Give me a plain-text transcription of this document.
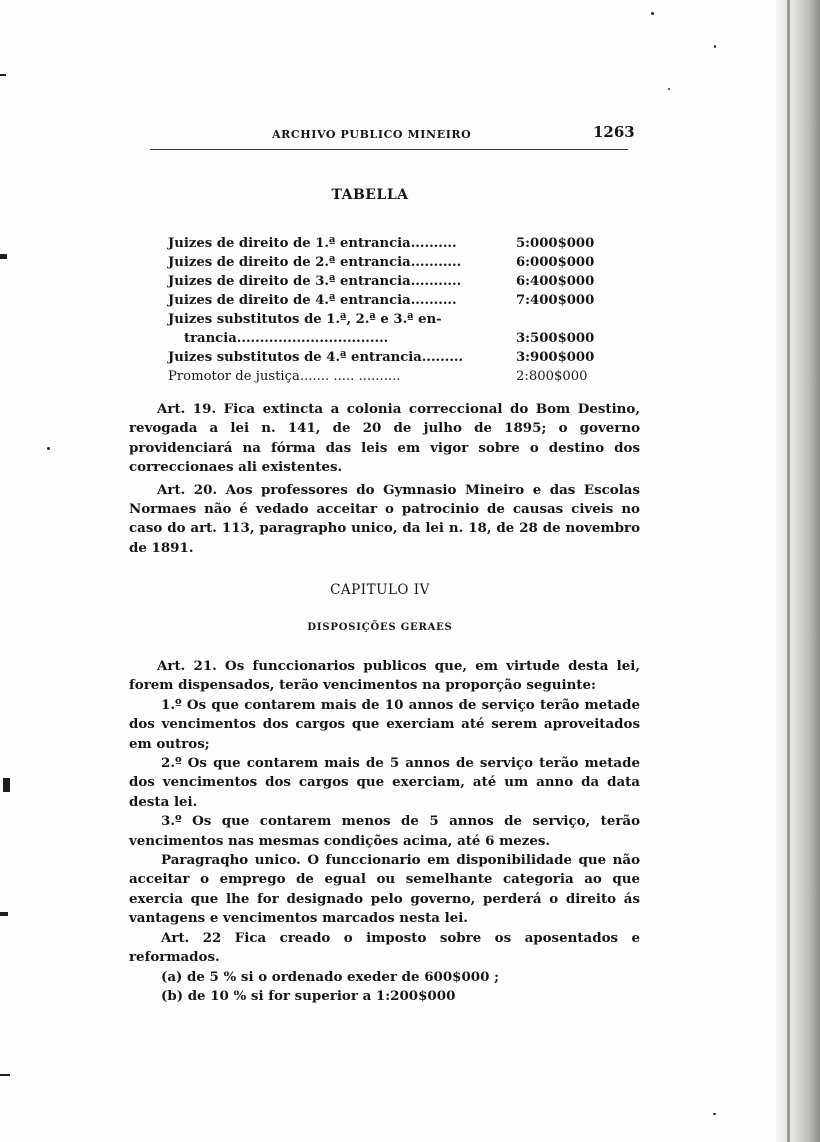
ARCHIVO PUBLICO MINEIRO	1263
TABELLA
Juizes de direito de 1.ª entrancia..........	5:000$000
Juizes de direito de 2.ª entrancia...........	6:000$000
Juizes de direito de 3.ª entrancia...........	6:400$000
Juizes de direito de 4.ª entrancia..........	7:400$000
Juizes substitutos de 1.ª, 2.ª e 3.ª en-
trancia.................................	3:500$000
Juizes substitutos de 4.ª entrancia.........	3:900$000
Promotor de justiça....... ..... ..........	2:800$000

Art. 19. Fica extincta a colonia correccional do Bom Destino, revogada a lei n. 141, de 20 de julho de 1895; o governo providenciará na fórma das leis em vigor sobre o destino dos correccionaes ali existentes.

Art. 20. Aos professores do Gymnasio Mineiro e das Escolas Normaes não é vedado acceitar o patrocinio de causas civeis no caso do art. 113, paragrapho unico, da lei n. 18, de 28 de novembro de 1891.

CAPITULO IV
DISPOSIÇÕES GERAES

Art. 21. Os funccionarios publicos que, em virtude desta lei, forem dispensados, terão vencimentos na proporção seguinte:

1.º Os que contarem mais de 10 annos de serviço terão metade dos vencimentos dos cargos que exerciam até serem aproveitados em outros;

2.º Os que contarem mais de 5 annos de serviço terão metade dos vencimentos dos cargos que exerciam, até um anno da data desta lei.

3.º Os que contarem menos de 5 annos de serviço, terão vencimentos nas mesmas condições acima, até 6 mezes.

Paragraqho unico. O funccionario em disponibilidade que não acceitar o emprego de egual ou semelhante categoria ao que exercia que lhe for designado pelo governo, perderá o direito ás vantagens e vencimentos marcados nesta lei.

Art. 22 Fica creado o imposto sobre os aposentados e reformados.

(a) de 5 % si o ordenado exeder de 600$000 ;

(b) de 10 % si for superior a 1:200$000
